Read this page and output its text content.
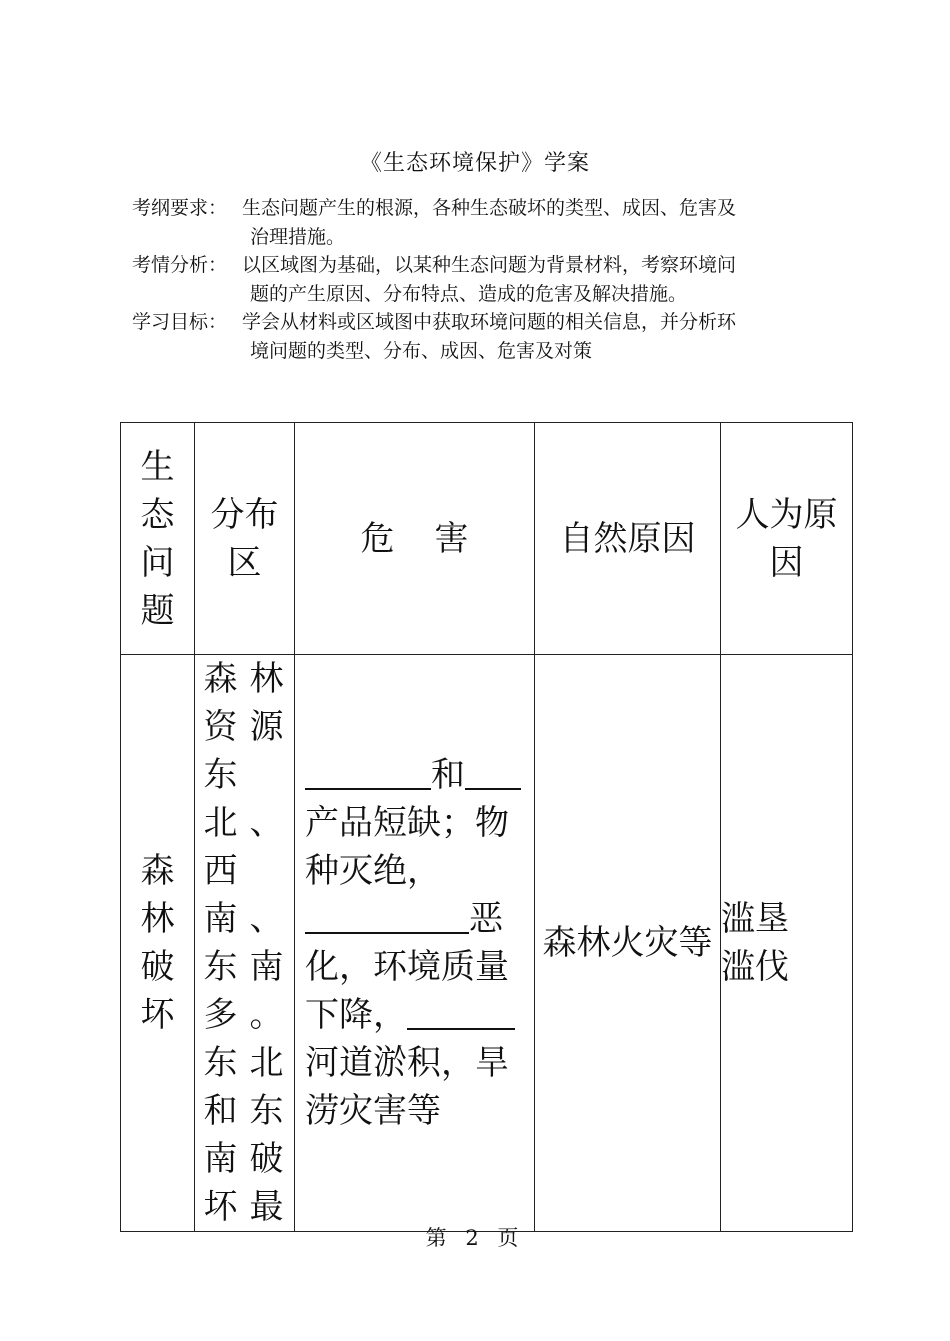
《生态环境保护》学案
考纲要求： 生态问题产生的根源，各种生态破坏的类型、成因、危害及
治理措施。
考情分析： 以区域图为基础，以某种生态问题为背景材料，考察环境问
题的产生原因、分布特点、造成的危害及解决措施。
学习目标： 学会从材料或区域图中获取环境问题的相关信息，并分析环
境问题的类型、分布、成因、危害及对策
生态问题	分布区	危害	自然原因	人为原因

森林破坏	森林资源东北、西南、东南多。东北和东南破坏最	和产品短缺；物种灭绝，恶化，环境质量下降，河道淤积，旱涝灾害等	森林火灾等	滥垦滥伐
第 2 页
